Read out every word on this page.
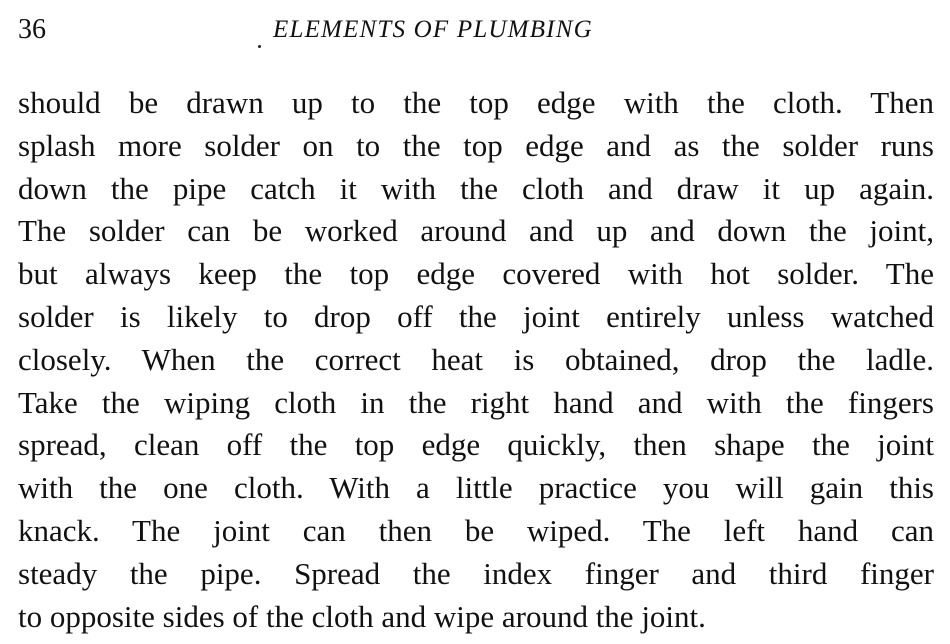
36	ELEMENTS OF PLUMBING
should be drawn up to the top edge with the cloth. Then
splash more solder on to the top edge and as the solder runs
down the pipe catch it with the cloth and draw it up again.
The solder can be worked around and up and down the joint,
but always keep the top edge covered with hot solder. The
solder is likely to drop off the joint entirely unless watched
closely. When the correct heat is obtained, drop the ladle.
Take the wiping cloth in the right hand and with the fingers
spread, clean off the top edge quickly, then shape the joint
with the one cloth. With a little practice you will gain this
knack. The joint can then be wiped. The left hand can
steady the pipe. Spread the index finger and third finger
to opposite sides of the cloth and wipe around the joint.
